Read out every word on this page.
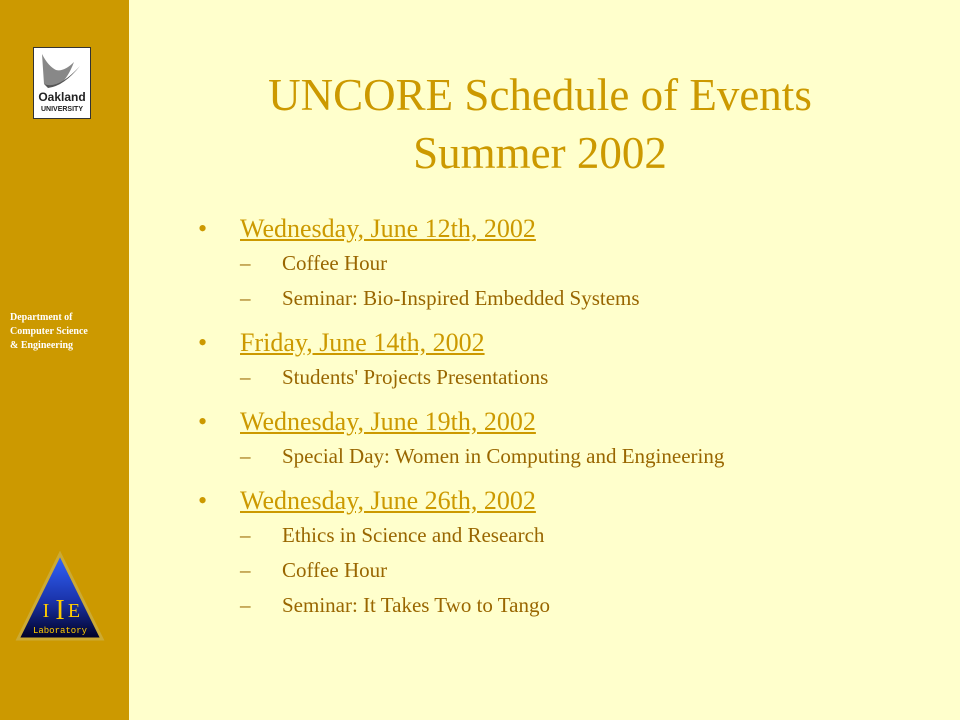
Oakland
UNIVERSITY
Department of
Computer Science
& Engineering
I I E
Laboratory
UNCORE Schedule of Events
Summer 2002
•	Wednesday, June 12th, 2002
–	Coffee Hour
–	Seminar: Bio-Inspired Embedded Systems
•	Friday, June 14th, 2002
–	Students' Projects Presentations
•	Wednesday, June 19th, 2002
–	Special Day: Women in Computing and Engineering
•	Wednesday, June 26th, 2002
–	Ethics in Science and Research
–	Coffee Hour
–	Seminar: It Takes Two to Tango
